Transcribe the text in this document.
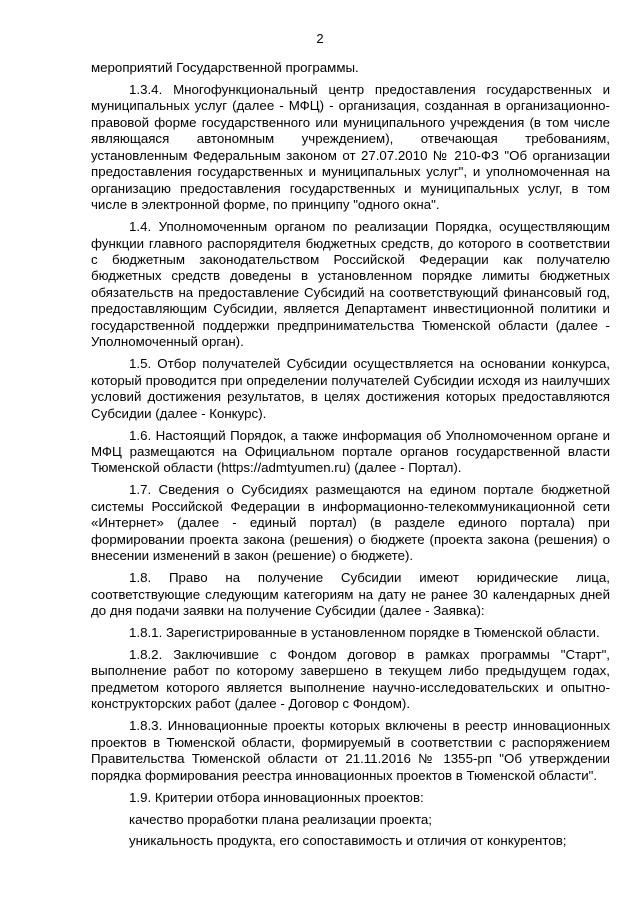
2

мероприятий Государственной программы.

1.3.4. Многофункциональный центр предоставления государственных и муниципальных услуг (далее - МФЦ) - организация, созданная в организационно-правовой форме государственного или муниципального учреждения (в том числе являющаяся автономным учреждением), отвечающая требованиям, установленным Федеральным законом от 27.07.2010 № 210-ФЗ "Об организации предоставления государственных и муниципальных услуг", и уполномоченная на организацию предоставления государственных и муниципальных услуг, в том числе в электронной форме, по принципу "одного окна".

1.4. Уполномоченным органом по реализации Порядка, осуществляющим функции главного распорядителя бюджетных средств, до которого в соответствии с бюджетным законодательством Российской Федерации как получателю бюджетных средств доведены в установленном порядке лимиты бюджетных обязательств на предоставление Субсидий на соответствующий финансовый год, предоставляющим Субсидии, является Департамент инвестиционной политики и государственной поддержки предпринимательства Тюменской области (далее - Уполномоченный орган).

1.5. Отбор получателей Субсидии осуществляется на основании конкурса, который проводится при определении получателей Субсидии исходя из наилучших условий достижения результатов, в целях достижения которых предоставляются Субсидии (далее - Конкурс).

1.6. Настоящий Порядок, а также информация об Уполномоченном органе и МФЦ размещаются на Официальном портале органов государственной власти Тюменской области (https://admtyumen.ru) (далее - Портал).

1.7. Сведения о Субсидиях размещаются на едином портале бюджетной системы Российской Федерации в информационно-телекоммуникационной сети «Интернет» (далее - единый портал) (в разделе единого портала) при формировании проекта закона (решения) о бюджете (проекта закона (решения) о внесении изменений в закон (решение) о бюджете).

1.8. Право на получение Субсидии имеют юридические лица, соответствующие следующим категориям на дату не ранее 30 календарных дней до дня подачи заявки на получение Субсидии (далее - Заявка):

1.8.1. Зарегистрированные в установленном порядке в Тюменской области.

1.8.2. Заключившие с Фондом договор в рамках программы "Старт", выполнение работ по которому завершено в текущем либо предыдущем годах, предметом которого является выполнение научно-исследовательских и опытно-конструкторских работ (далее - Договор с Фондом).

1.8.3. Инновационные проекты которых включены в реестр инновационных проектов в Тюменской области, формируемый в соответствии с распоряжением Правительства Тюменской области от 21.11.2016 № 1355-рп "Об утверждении порядка формирования реестра инновационных проектов в Тюменской области".

1.9. Критерии отбора инновационных проектов:

качество проработки плана реализации проекта;

уникальность продукта, его сопоставимость и отличия от конкурентов;
